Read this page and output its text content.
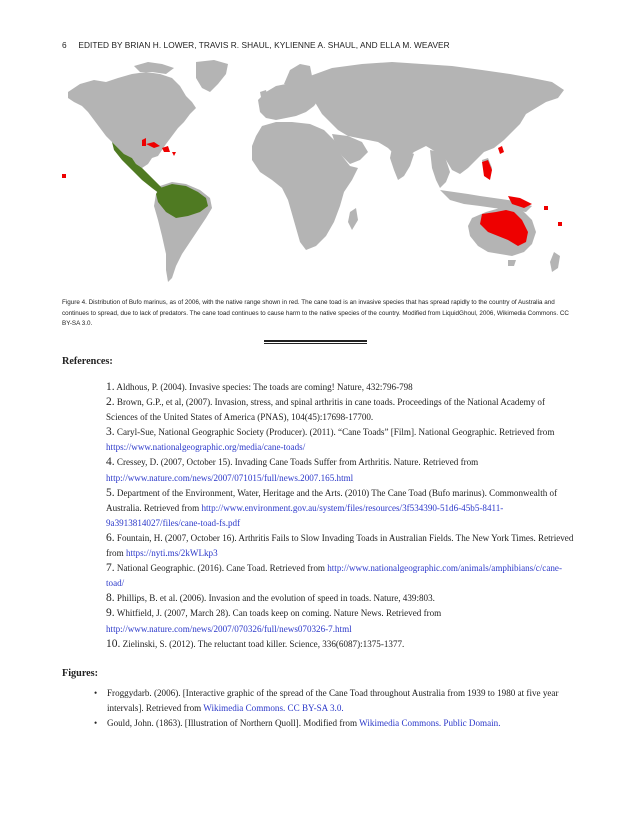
6 EDITED BY BRIAN H. LOWER, TRAVIS R. SHAUL, KYLIENNE A. SHAUL, AND ELLA M. WEAVER
Figure 4. Distribution of Bufo marinus, as of 2006, with the native range shown in red. The cane toad is an invasive species that has spread rapidly to the country of Australia and continues to spread, due to lack of predators. The cane toad continues to cause harm to the native species of the country. Modified from LiquidGhoul, 2006, Wikimedia Commons. CC BY-SA 3.0.
References:

1. Aldhous, P. (2004). Invasive species: The toads are coming! Nature, 432:796-798

2. Brown, G.P., et al, (2007). Invasion, stress, and spinal arthritis in cane toads. Proceedings of the National Academy of Sciences of the United States of America (PNAS), 104(45):17698-17700.

3. Caryl-Sue, National Geographic Society (Producer). (2011). “Cane Toads” [Film]. National Geographic. Retrieved from https://www.nationalgeographic.org/media/cane-toads/

4. Cressey, D. (2007, October 15). Invading Cane Toads Suffer from Arthritis. Nature. Retrieved from http://www.nature.com/news/2007/071015/full/news.2007.165.html

5. Department of the Environment, Water, Heritage and the Arts. (2010) The Cane Toad (Bufo marinus). Commonwealth of Australia. Retrieved from http://www.environment.gov.au/system/files/resources/3f534390-51d6-45b5-8411-9a3913814027/files/cane-toad-fs.pdf

6. Fountain, H. (2007, October 16). Arthritis Fails to Slow Invading Toads in Australian Fields. The New York Times. Retrieved from https://nyti.ms/2kWLkp3

7. National Geographic. (2016). Cane Toad. Retrieved from http://www.nationalgeographic.com/animals/amphibians/c/cane-toad/

8. Phillips, B. et al. (2006). Invasion and the evolution of speed in toads. Nature, 439:803.

9. Whitfield, J. (2007, March 28). Can toads keep on coming. Nature News. Retrieved from http://www.nature.com/news/2007/070326/full/news070326-7.html

10. Zielinski, S. (2012). The reluctant toad killer. Science, 336(6087):1375-1377.

Figures:
• Froggydarb. (2006). [Interactive graphic of the spread of the Cane Toad throughout Australia from 1939 to 1980 at five year intervals]. Retrieved from Wikimedia Commons. CC BY-SA 3.0.
• Gould, John. (1863). [Illustration of Northern Quoll]. Modified from Wikimedia Commons. Public Domain.
